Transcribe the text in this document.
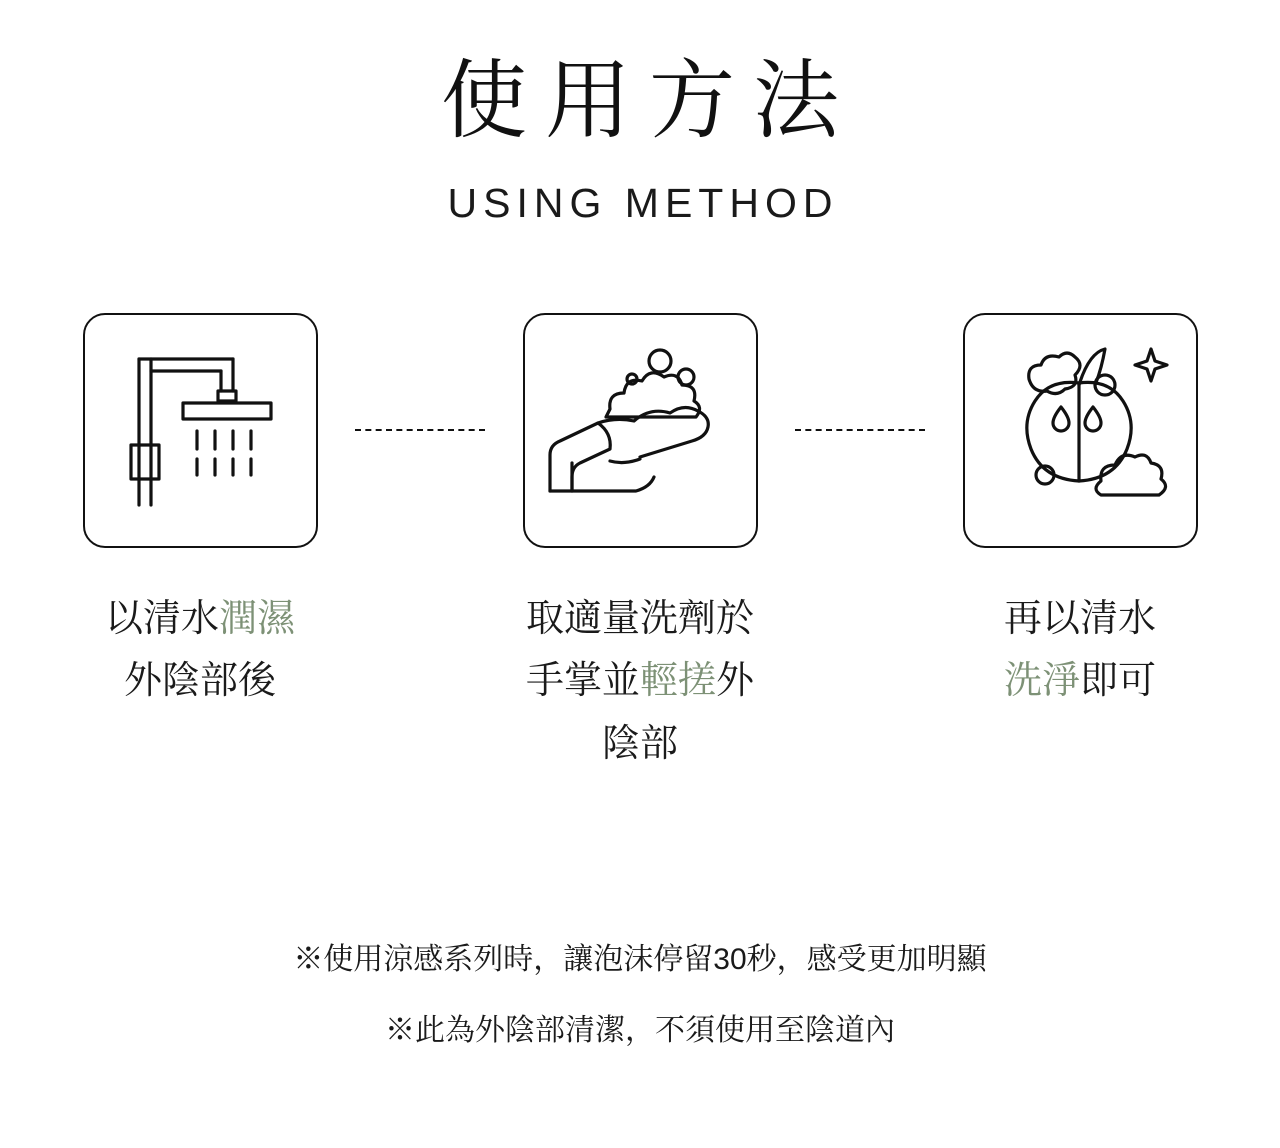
使用方法
USING METHOD
以清水潤濕
外陰部後
取適量洗劑於
手掌並輕搓外
陰部
再以清水
洗淨即可

※使用涼感系列時，讓泡沫停留30秒，感受更加明顯

※此為外陰部清潔，不須使用至陰道內
